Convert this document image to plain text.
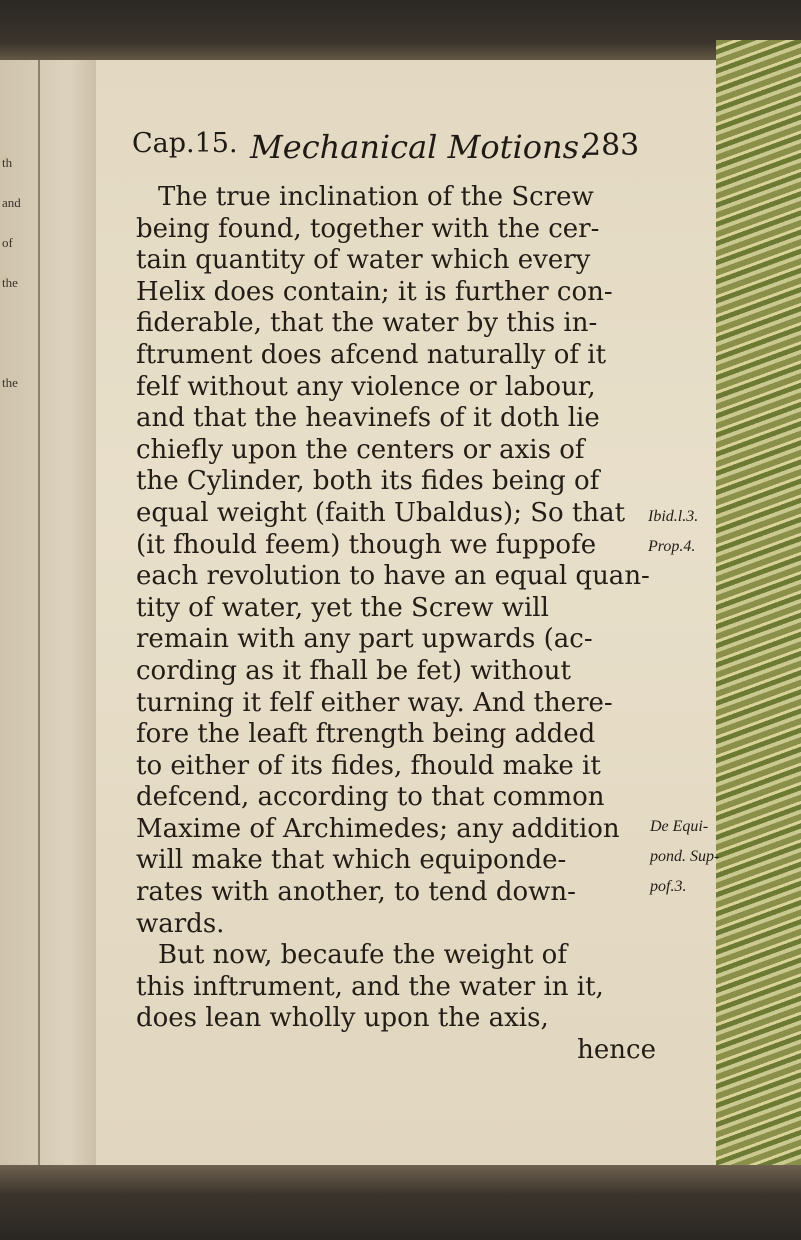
th
and
of
the
the
Cap.15. Mechanical Motions.
283
The true inclination of the Screw
being found, together with the cer-
tain quantity of water which every
Helix does contain; it is further con-
fiderable, that the water by this in-
ftrument does afcend naturally of it
felf without any violence or labour,
and that the heavinefs of it doth lie
chiefly upon the centers or axis of
the Cylinder, both its fides being of
equal weight (faith Ubaldus); So that
(it fhould feem) though we fuppofe
each revolution to have an equal quan-
tity of water, yet the Screw will
remain with any part upwards (ac-
cording as it fhall be fet) without
turning it felf either way. And there-
fore the leaft ftrength being added
to either of its fides, fhould make it
defcend, according to that common
Maxime of Archimedes; any addition
will make that which equiponde-
rates with another, to tend down-
wards.
But now, becaufe the weight of
this inftrument, and the water in it,
does lean wholly upon the axis,
hence
Ibid.l.3.
Prop.4.
De Equi-
pond. Sup-
pof.3.
